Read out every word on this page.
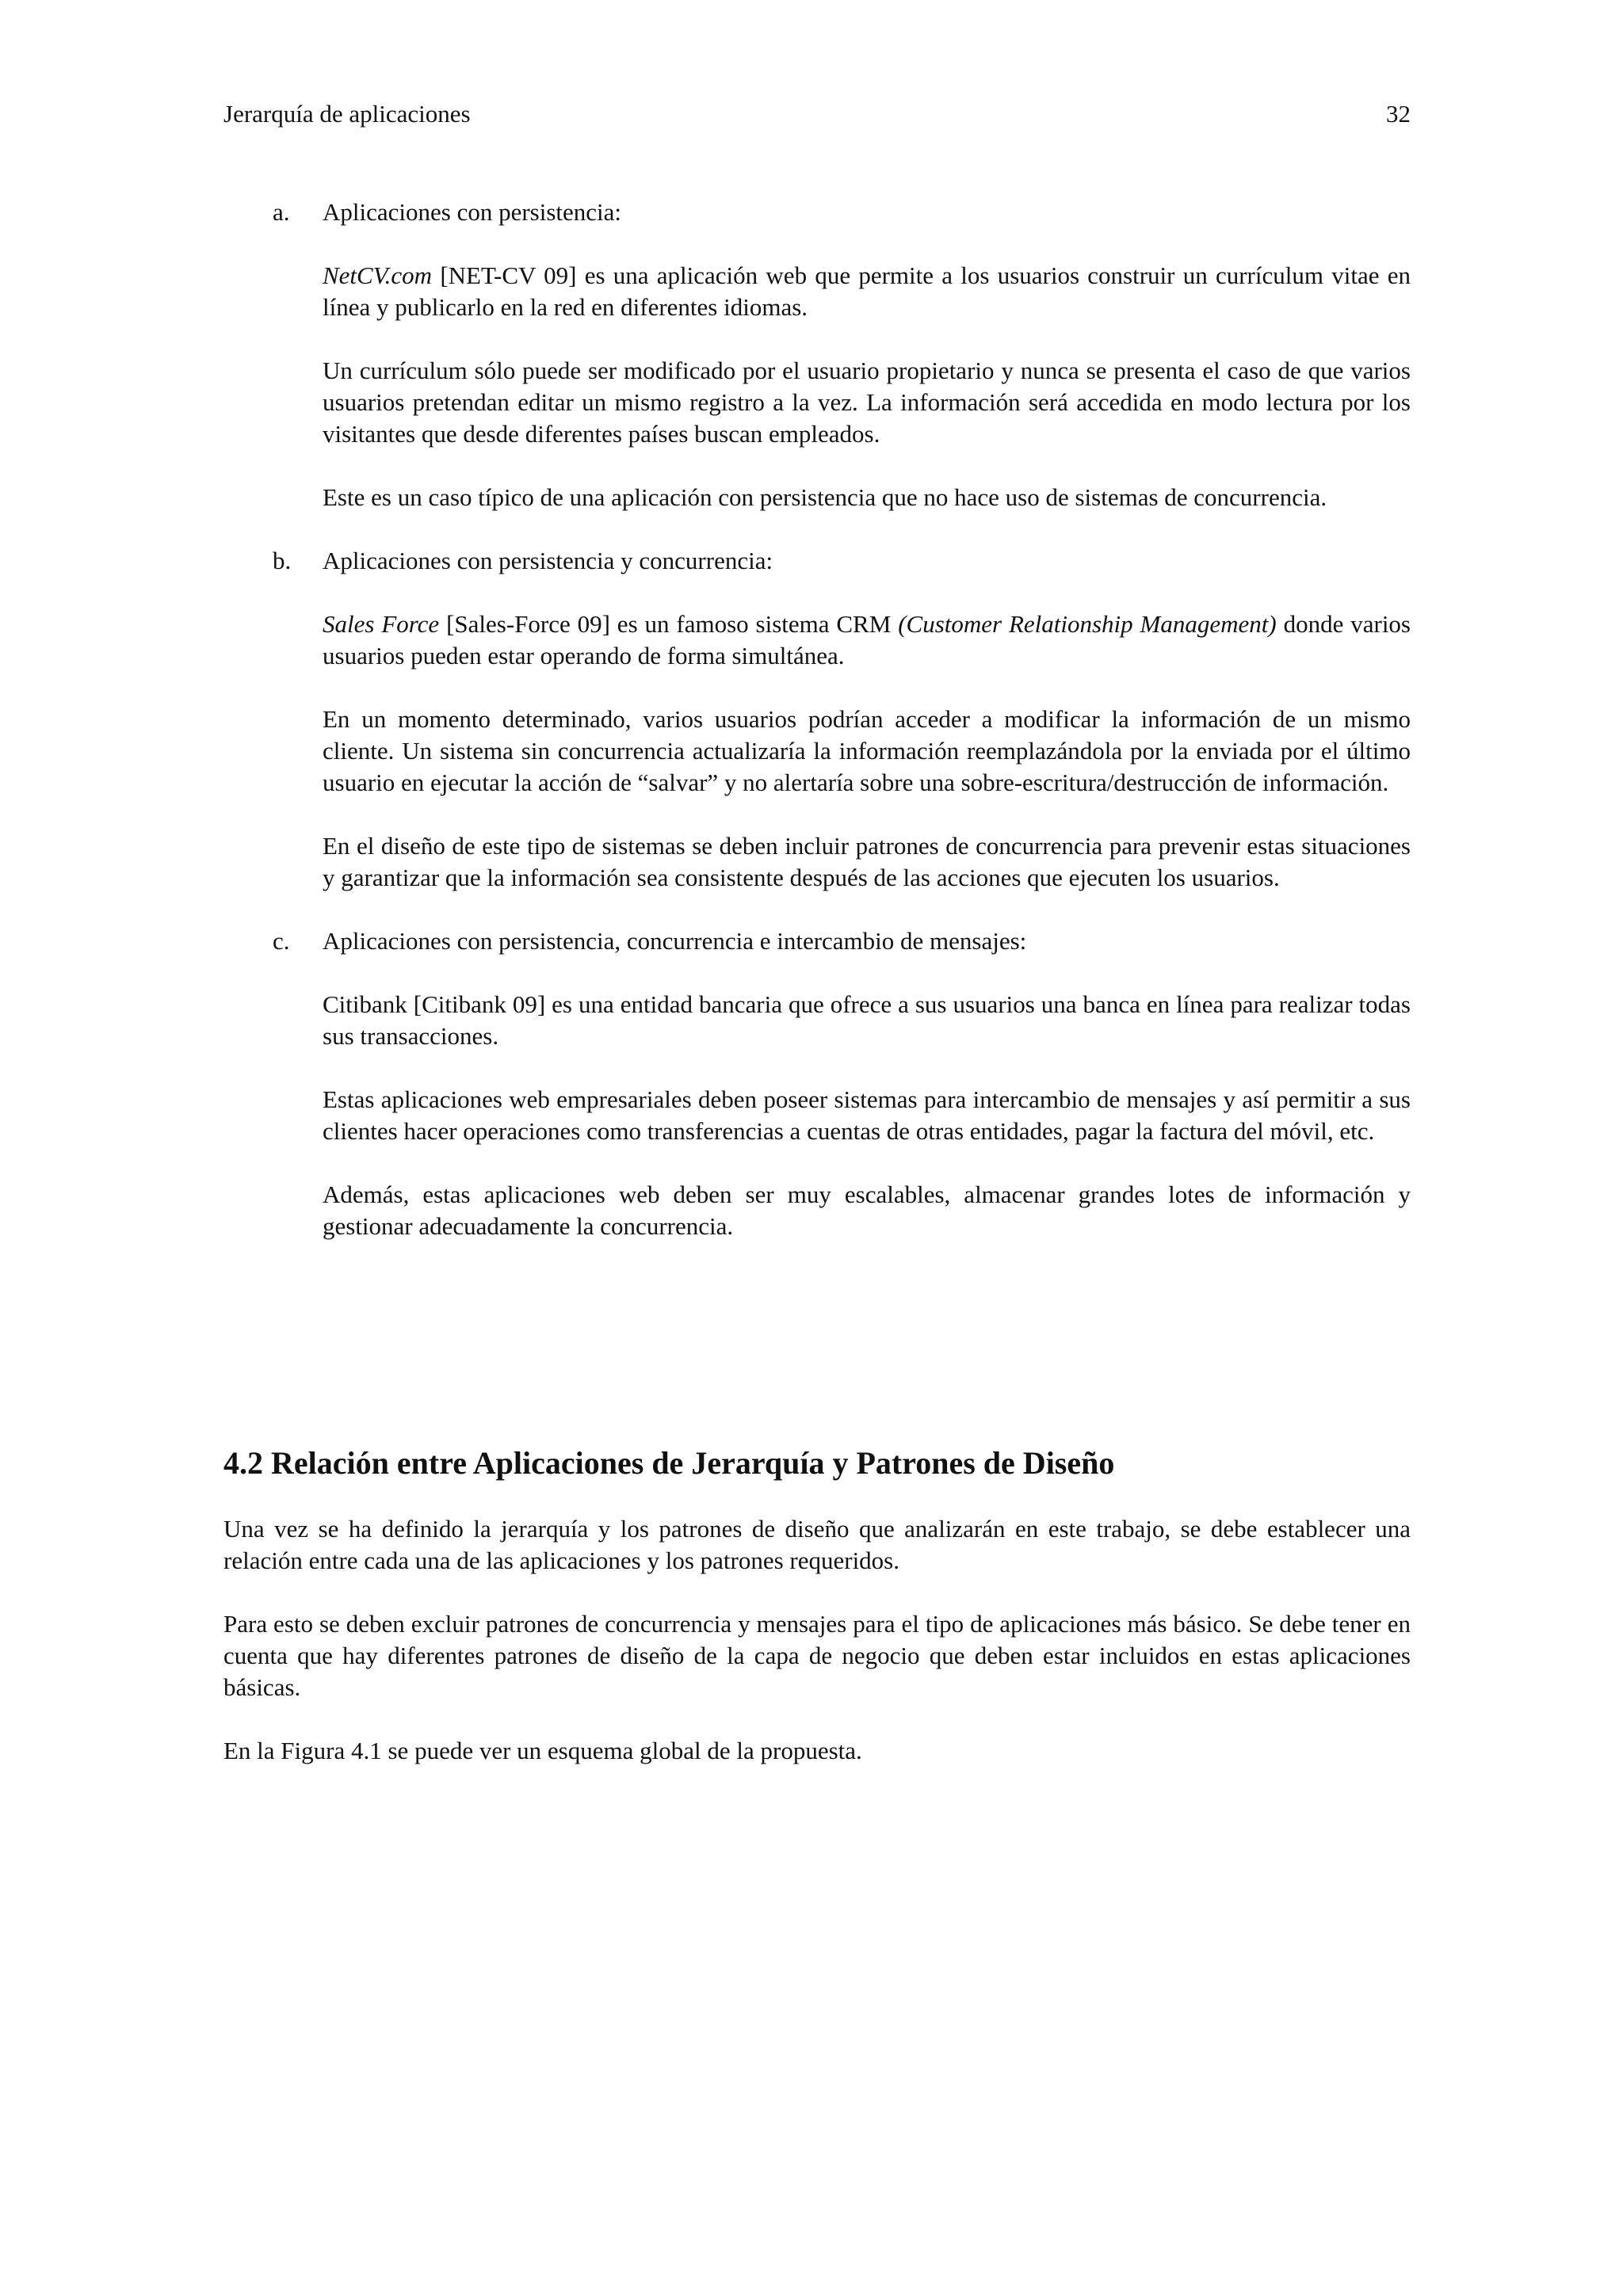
Jerarquía de aplicaciones	32
a. Aplicaciones con persistencia:

NetCV.com [NET-CV 09] es una aplicación web que permite a los usuarios construir un currículum vitae en línea y publicarlo en la red en diferentes idiomas.

Un currículum sólo puede ser modificado por el usuario propietario y nunca se presenta el caso de que varios usuarios pretendan editar un mismo registro a la vez. La información será accedida en modo lectura por los visitantes que desde diferentes países buscan empleados.

Este es un caso típico de una aplicación con persistencia que no hace uso de sistemas de concurrencia.

b. Aplicaciones con persistencia y concurrencia:

Sales Force [Sales-Force 09] es un famoso sistema CRM (Customer Relationship Management) donde varios usuarios pueden estar operando de forma simultánea.

En un momento determinado, varios usuarios podrían acceder a modificar la información de un mismo cliente. Un sistema sin concurrencia actualizaría la información reemplazándola por la enviada por el último usuario en ejecutar la acción de “salvar” y no alertaría sobre una sobre-escritura/destrucción de información.

En el diseño de este tipo de sistemas se deben incluir patrones de concurrencia para prevenir estas situaciones y garantizar que la información sea consistente después de las acciones que ejecuten los usuarios.

c. Aplicaciones con persistencia, concurrencia e intercambio de mensajes:

Citibank [Citibank 09] es una entidad bancaria que ofrece a sus usuarios una banca en línea para realizar todas sus transacciones.

Estas aplicaciones web empresariales deben poseer sistemas para intercambio de mensajes y así permitir a sus clientes hacer operaciones como transferencias a cuentas de otras entidades, pagar la factura del móvil, etc.

Además, estas aplicaciones web deben ser muy escalables, almacenar grandes lotes de información y gestionar adecuadamente la concurrencia.

4.2 Relación entre Aplicaciones de Jerarquía y Patrones de Diseño

Una vez se ha definido la jerarquía y los patrones de diseño que analizarán en este trabajo, se debe establecer una relación entre cada una de las aplicaciones y los patrones requeridos.

Para esto se deben excluir patrones de concurrencia y mensajes para el tipo de aplicaciones más básico. Se debe tener en cuenta que hay diferentes patrones de diseño de la capa de negocio que deben estar incluidos en estas aplicaciones básicas.

En la Figura 4.1 se puede ver un esquema global de la propuesta.
